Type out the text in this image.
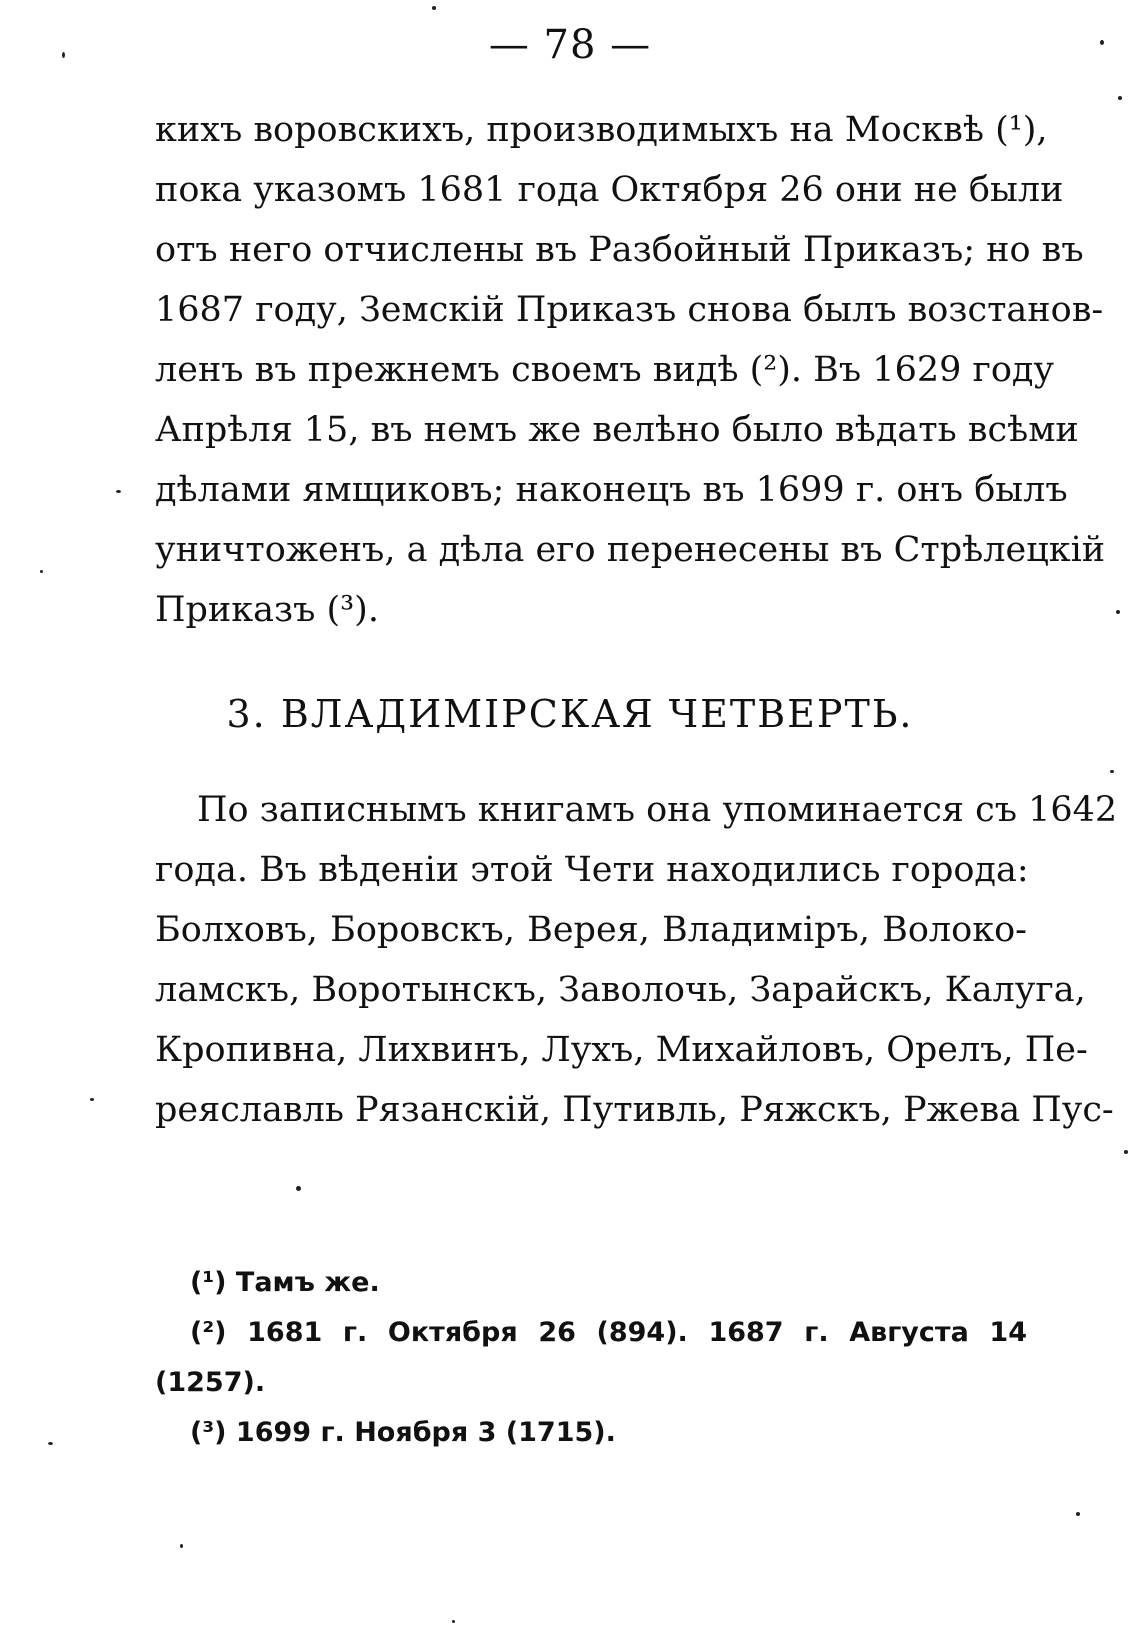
— 78 —
кихъ воровскихъ, производимыхъ на Москвѣ (¹),
пока указомъ 1681 года Октября 26 они не были
отъ него отчислены въ Разбойный Приказъ; но въ
1687 году, Земскій Приказъ снова былъ возстанов-
ленъ въ прежнемъ своемъ видѣ (²). Въ 1629 году
Апрѣля 15, въ немъ же велѣно было вѣдать всѣми
дѣлами ямщиковъ; наконецъ въ 1699 г. онъ былъ
уничтоженъ, а дѣла его перенесены въ Стрѣлецкій
Приказъ (³).
3. ВЛАДИМІРСКАЯ ЧЕТВЕРТЬ.
По записнымъ книгамъ она упоминается съ 1642
года. Въ вѣденіи этой Чети находились города:
Болховъ, Боровскъ, Верея, Владиміръ, Волоко-
ламскъ, Воротынскъ, Заволочь, Зарайскъ, Калуга,
Кропивна, Лихвинъ, Лухъ, Михайловъ, Орелъ, Пе-
реяславль Рязанскій, Путивль, Ряжскъ, Ржева Пус-
(¹) Тамъ же.
(²) 1681 г. Октября 26 (894). 1687 г. Августа 14
(1257).
(³) 1699 г. Ноября 3 (1715).
